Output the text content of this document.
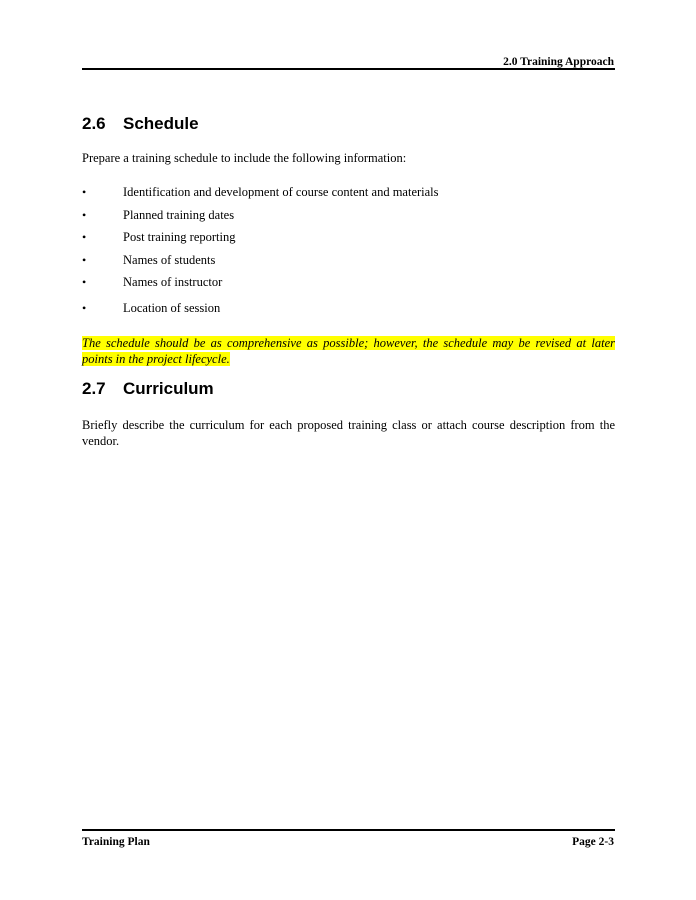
2.0 Training Approach
2.6 Schedule

Prepare a training schedule to include the following information:

•	Identification and development of course content and materials
•	Planned training dates
•	Post training reporting
•	Names of students
•	Names of instructor
•	Location of session

The schedule should be as comprehensive as possible; however, the schedule may be revised at later points in the project lifecycle.

2.7 Curriculum

Briefly describe the curriculum for each proposed training class or attach course description from the vendor.

Training Plan	Page 2-3
